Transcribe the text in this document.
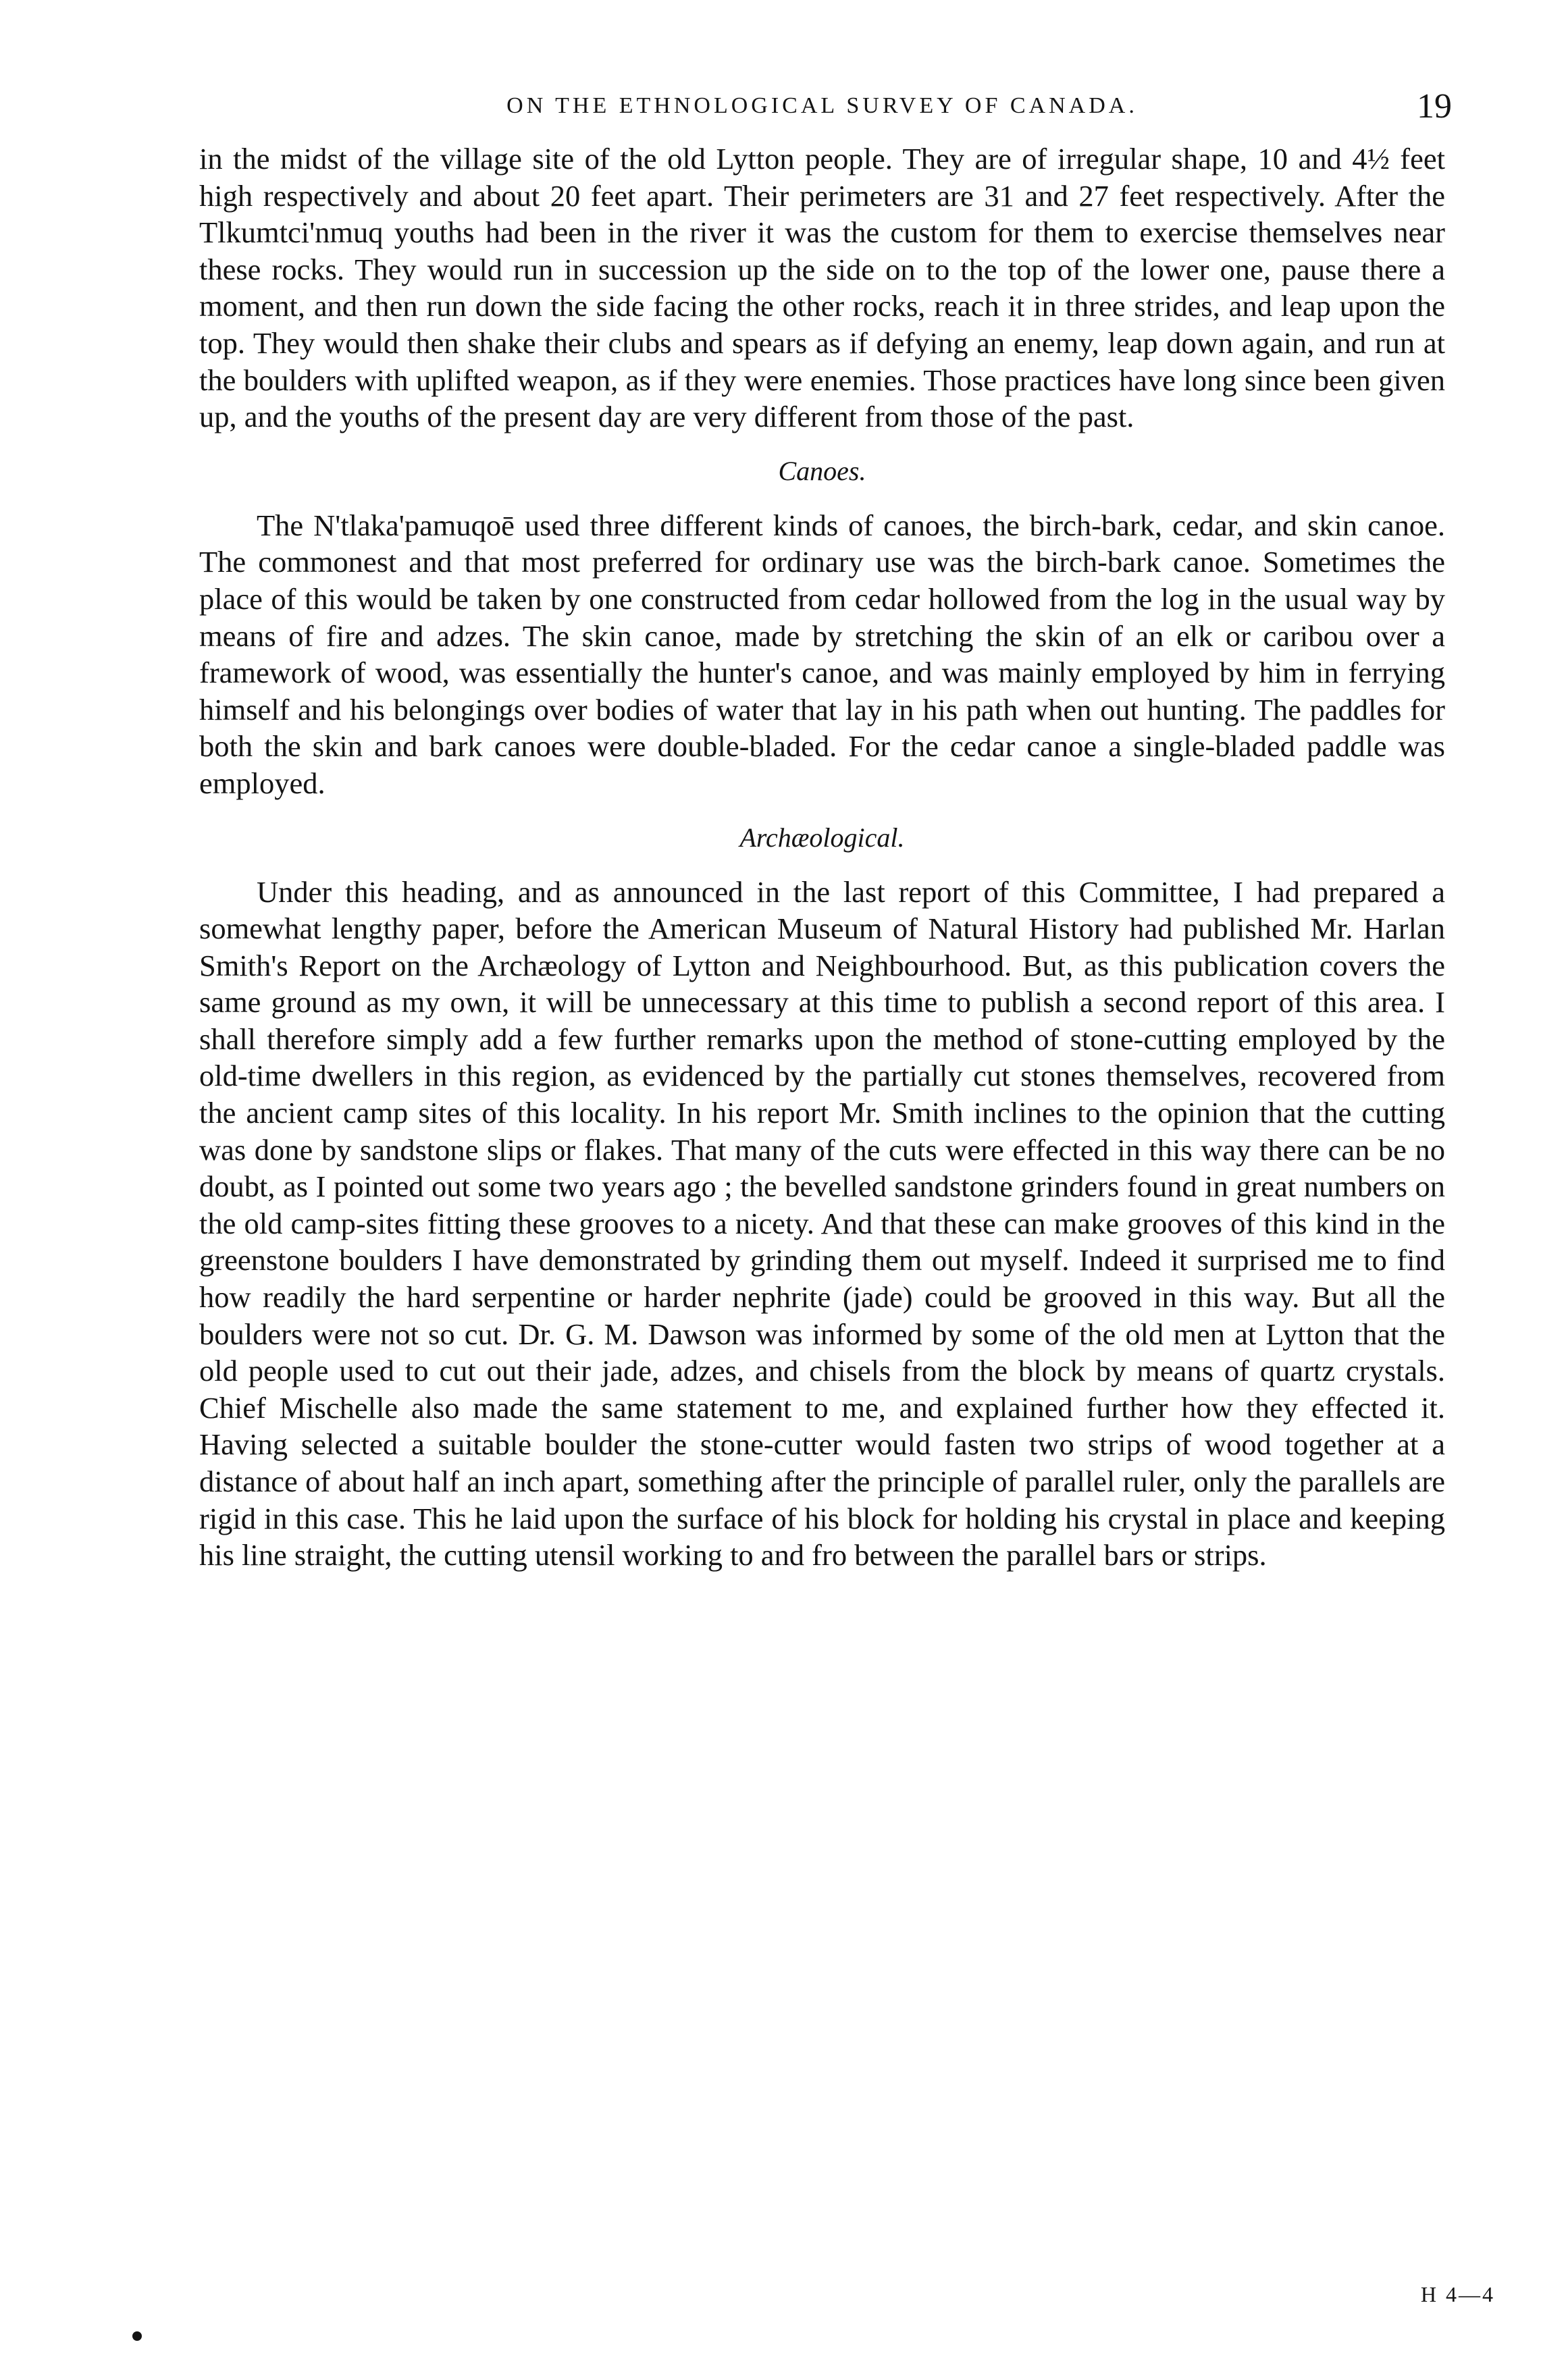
ON THE ETHNOLOGICAL SURVEY OF CANADA.	19

in the midst of the village site of the old Lytton people. They are of irregular shape, 10 and 4½ feet high respectively and about 20 feet apart. Their perimeters are 31 and 27 feet respectively. After the Tlkumtci'nmuq youths had been in the river it was the custom for them to exercise themselves near these rocks. They would run in succession up the side on to the top of the lower one, pause there a moment, and then run down the side facing the other rocks, reach it in three strides, and leap upon the top. They would then shake their clubs and spears as if defying an enemy, leap down again, and run at the boulders with uplifted weapon, as if they were enemies. Those practices have long since been given up, and the youths of the present day are very different from those of the past.

Canoes.

The N'tlaka'pamuqoē used three different kinds of canoes, the birch-bark, cedar, and skin canoe. The commonest and that most preferred for ordinary use was the birch-bark canoe. Sometimes the place of this would be taken by one constructed from cedar hollowed from the log in the usual way by means of fire and adzes. The skin canoe, made by stretching the skin of an elk or caribou over a framework of wood, was essentially the hunter's canoe, and was mainly employed by him in ferrying himself and his belongings over bodies of water that lay in his path when out hunting. The paddles for both the skin and bark canoes were double-bladed. For the cedar canoe a single-bladed paddle was employed.

Archæological.

Under this heading, and as announced in the last report of this Committee, I had prepared a somewhat lengthy paper, before the American Museum of Natural History had published Mr. Harlan Smith's Report on the Archæology of Lytton and Neighbourhood. But, as this publication covers the same ground as my own, it will be unnecessary at this time to publish a second report of this area. I shall therefore simply add a few further remarks upon the method of stone-cutting employed by the old-time dwellers in this region, as evidenced by the partially cut stones themselves, recovered from the ancient camp sites of this locality. In his report Mr. Smith inclines to the opinion that the cutting was done by sandstone slips or flakes. That many of the cuts were effected in this way there can be no doubt, as I pointed out some two years ago ; the bevelled sandstone grinders found in great numbers on the old camp-sites fitting these grooves to a nicety. And that these can make grooves of this kind in the greenstone boulders I have demonstrated by grinding them out myself. Indeed it surprised me to find how readily the hard serpentine or harder nephrite (jade) could be grooved in this way. But all the boulders were not so cut. Dr. G. M. Dawson was informed by some of the old men at Lytton that the old people used to cut out their jade, adzes, and chisels from the block by means of quartz crystals. Chief Mischelle also made the same statement to me, and explained further how they effected it. Having selected a suitable boulder the stone-cutter would fasten two strips of wood together at a distance of about half an inch apart, something after the principle of parallel ruler, only the parallels are rigid in this case. This he laid upon the surface of his block for holding his crystal in place and keeping his line straight, the cutting utensil working to and fro between the parallel bars or strips.

H 4—4
